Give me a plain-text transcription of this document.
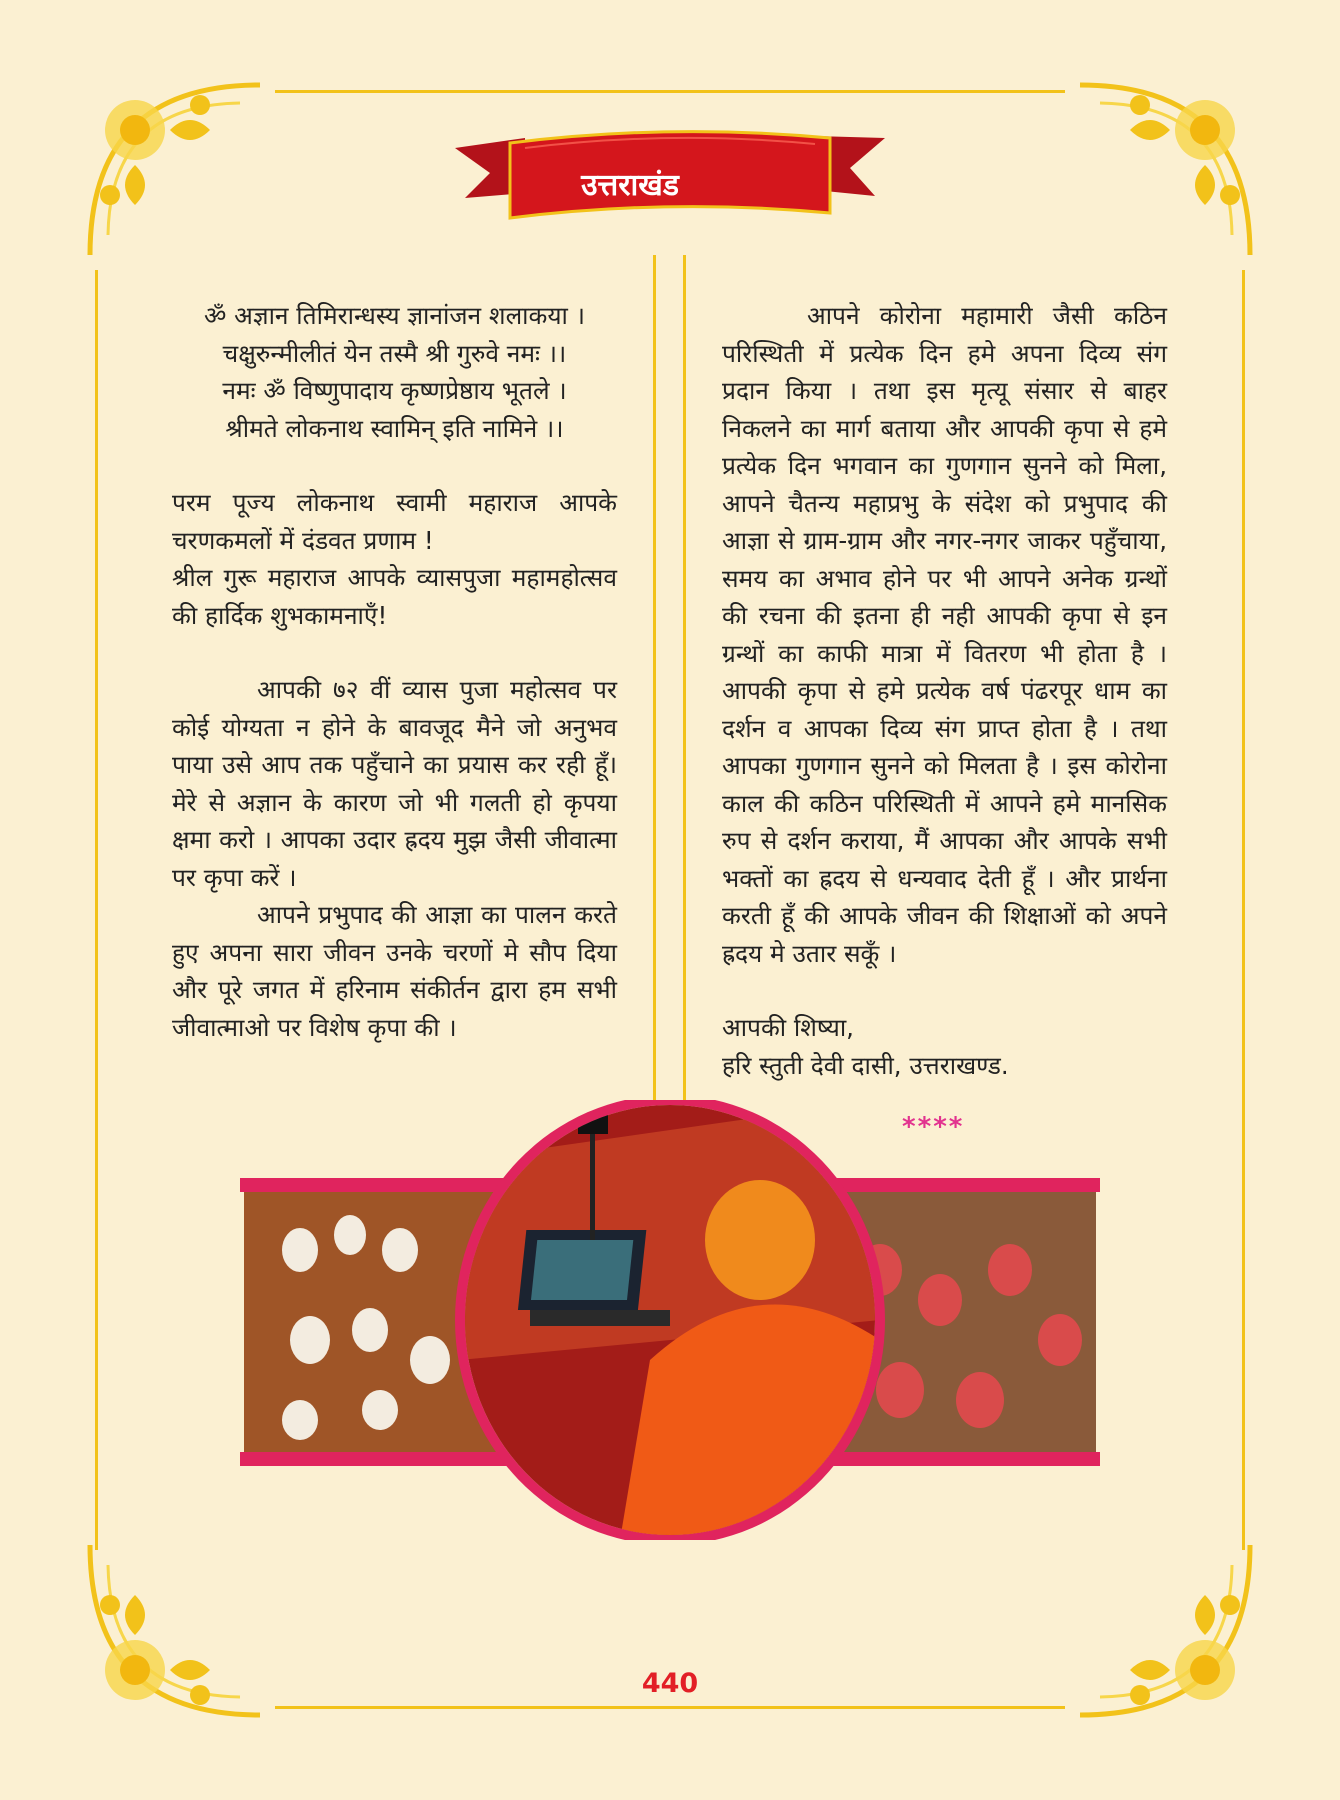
उत्तराखंड

ॐ अज्ञान तिमिरान्धस्य ज्ञानांजन शलाकया ।

चक्षुरुन्मीलीतं येन तस्मै श्री गुरुवे नमः ।।

नमः ॐ विष्णुपादाय कृष्णप्रेष्ठाय भूतले ।

श्रीमते लोकनाथ स्वामिन् इति नामिने ।।

परम पूज्य लोकनाथ स्वामी महाराज आपके चरणकमलों में दंडवत प्रणाम !

श्रील गुरू महाराज आपके व्यासपुजा महामहोत्सव की हार्दिक शुभकामनाएँ!

आपकी ७२ वीं व्यास पुजा महोत्सव पर कोई योग्यता न होने के बावजूद मैने जो अनुभव पाया उसे आप तक पहुँचाने का प्रयास कर रही हूँ। मेरे से अज्ञान के कारण जो भी गलती हो कृपया क्षमा करो । आपका उदार ह्रदय मुझ जैसी जीवात्मा पर कृपा करें ।

आपने प्रभुपाद की आज्ञा का पालन करते हुए अपना सारा जीवन उनके चरणों मे सौप दिया और पूरे जगत में हरिनाम संकीर्तन द्वारा हम सभी जीवात्माओ पर विशेष कृपा की ।

आपने कोरोना महामारी जैसी कठिन परिस्थिती में प्रत्येक दिन हमे अपना दिव्य संग प्रदान किया । तथा इस मृत्यू संसार से बाहर निकलने का मार्ग बताया और आपकी कृपा से हमे प्रत्येक दिन भगवान का गुणगान सुनने को मिला, आपने चैतन्य महाप्रभु के संदेश को प्रभुपाद की आज्ञा से ग्राम-ग्राम और नगर-नगर जाकर पहुँचाया, समय का अभाव होने पर भी आपने अनेक ग्रन्थों की रचना की इतना ही नही आपकी कृपा से इन ग्रन्थों का काफी मात्रा में वितरण भी होता है । आपकी कृपा से हमे प्रत्येक वर्ष पंढरपूर धाम का दर्शन व आपका दिव्य संग प्राप्त होता है । तथा आपका गुणगान सुनने को मिलता है । इस कोरोना काल की कठिन परिस्थिती में आपने हमे मानसिक रुप से दर्शन कराया, मैं आपका और आपके सभी भक्तों का ह्रदय से धन्यवाद देती हूँ । और प्रार्थना करती हूँ की आपके जीवन की शिक्षाओं को अपने ह्रदय मे उतार सकूँ ।

आपकी शिष्या,

हरि स्तुती देवी दासी, उत्तराखण्ड.

****
440
